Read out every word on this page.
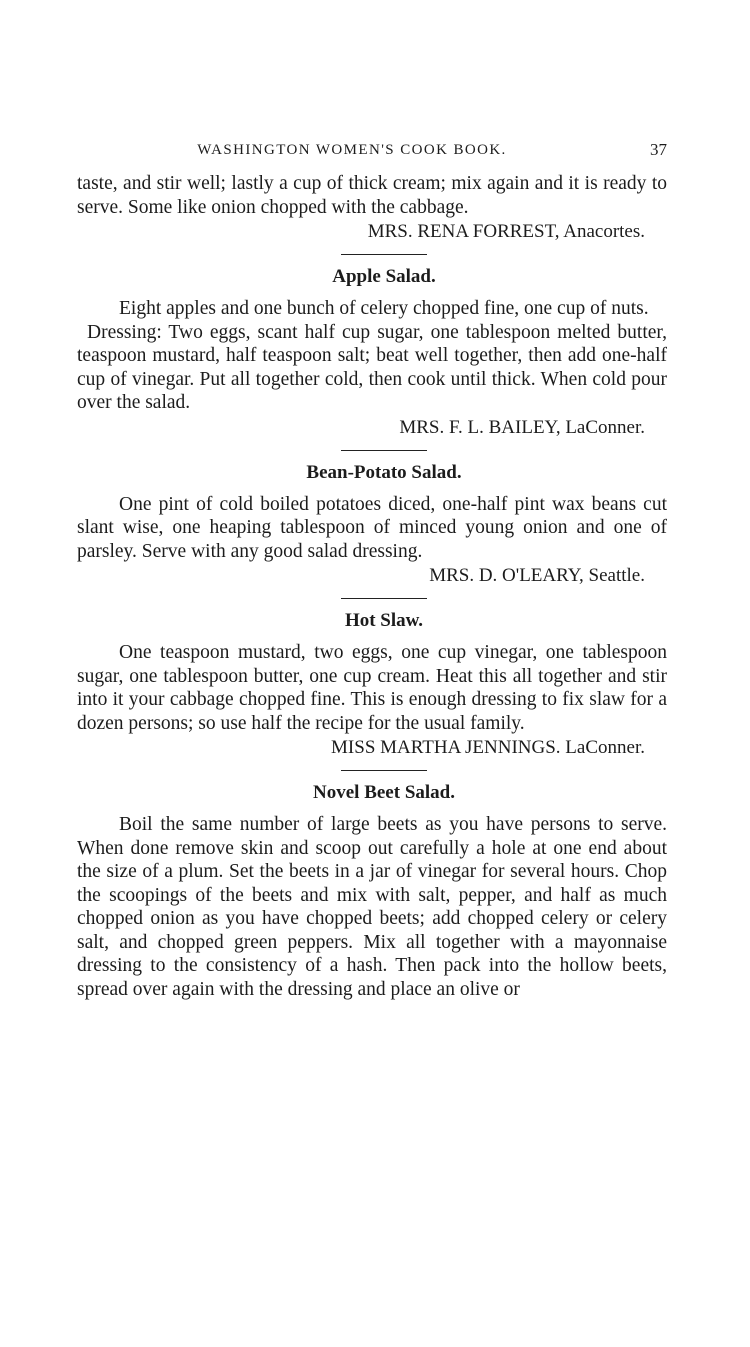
WASHINGTON WOMEN'S COOK BOOK.	37

taste, and stir well; lastly a cup of thick cream; mix again and it is ready to serve. Some like onion chopped with the cabbage.

MRS. RENA FORREST, Anacortes.
Apple Salad.

Eight apples and one bunch of celery chopped fine, one cup of nuts.

Dressing: Two eggs, scant half cup sugar, one tablespoon melted butter, teaspoon mustard, half teaspoon salt; beat well together, then add one-half cup of vinegar. Put all together cold, then cook until thick. When cold pour over the salad.

MRS. F. L. BAILEY, LaConner.
Bean-Potato Salad.

One pint of cold boiled potatoes diced, one-half pint wax beans cut slant wise, one heaping tablespoon of minced young onion and one of parsley. Serve with any good salad dressing.

MRS. D. O'LEARY, Seattle.
Hot Slaw.

One teaspoon mustard, two eggs, one cup vinegar, one tablespoon sugar, one tablespoon butter, one cup cream. Heat this all together and stir into it your cabbage chopped fine. This is enough dressing to fix slaw for a dozen persons; so use half the recipe for the usual family.

MISS MARTHA JENNINGS. LaConner.
Novel Beet Salad.

Boil the same number of large beets as you have persons to serve. When done remove skin and scoop out carefully a hole at one end about the size of a plum. Set the beets in a jar of vinegar for several hours. Chop the scoopings of the beets and mix with salt, pepper, and half as much chopped onion as you have chopped beets; add chopped celery or celery salt, and chopped green peppers. Mix all together with a mayonnaise dressing to the consistency of a hash. Then pack into the hollow beets, spread over again with the dressing and place an olive or
